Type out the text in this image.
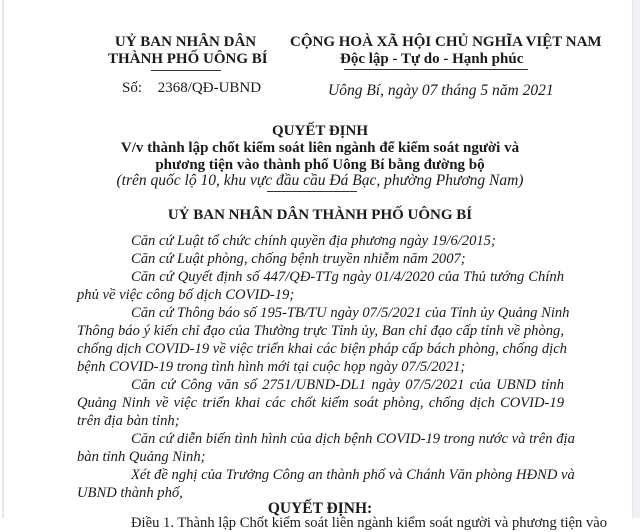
UỶ BAN NHÂN DÂN
THÀNH PHỐ UÔNG BÍ
Số: 2368/QĐ-UBND
CỘNG HOÀ XÃ HỘI CHỦ NGHĨA VIỆT NAM
Độc lập - Tự do - Hạnh phúc
Uông Bí, ngày 07 tháng 5 năm 2021
QUYẾT ĐỊNH
V/v thành lập chốt kiểm soát liên ngành để kiểm soát người và
phương tiện vào thành phố Uông Bí bằng đường bộ
(trên quốc lộ 10, khu vực đầu cầu Đá Bạc, phường Phương Nam)
UỶ BAN NHÂN DÂN THÀNH PHỐ UÔNG BÍ
Căn cứ Luật tổ chức chính quyền địa phương ngày 19/6/2015;
Căn cứ Luật phòng, chống bệnh truyền nhiễm năm 2007;
Căn cứ Quyết định số 447/QĐ-TTg ngày 01/4/2020 của Thủ tướng Chính
phủ về việc công bố dịch COVID-19;
Căn cứ Thông báo số 195-TB/TU ngày 07/5/2021 của Tỉnh ủy Quảng Ninh
Thông báo ý kiến chỉ đạo của Thường trực Tỉnh ủy, Ban chỉ đạo cấp tỉnh về phòng,
chống dịch COVID-19 về việc triển khai các biện pháp cấp bách phòng, chống dịch
bệnh COVID-19 trong tình hình mới tại cuộc họp ngày 07/5/2021;
Căn cứ Công văn số 2751/UBND-DL1 ngày 07/5/2021 của UBND tỉnh
Quảng Ninh về việc triển khai các chốt kiểm soát phòng, chống dịch COVID-19
trên địa bàn tỉnh;
Căn cứ diễn biến tình hình của dịch bệnh COVID-19 trong nước và trên địa
bàn tỉnh Quảng Ninh;
Xét đề nghị của Trưởng Công an thành phố và Chánh Văn phòng HĐND và
UBND thành phố,
QUYẾT ĐỊNH:
Điều 1. Thành lập Chốt kiểm soát liên ngành kiểm soát người và phương tiện vào
